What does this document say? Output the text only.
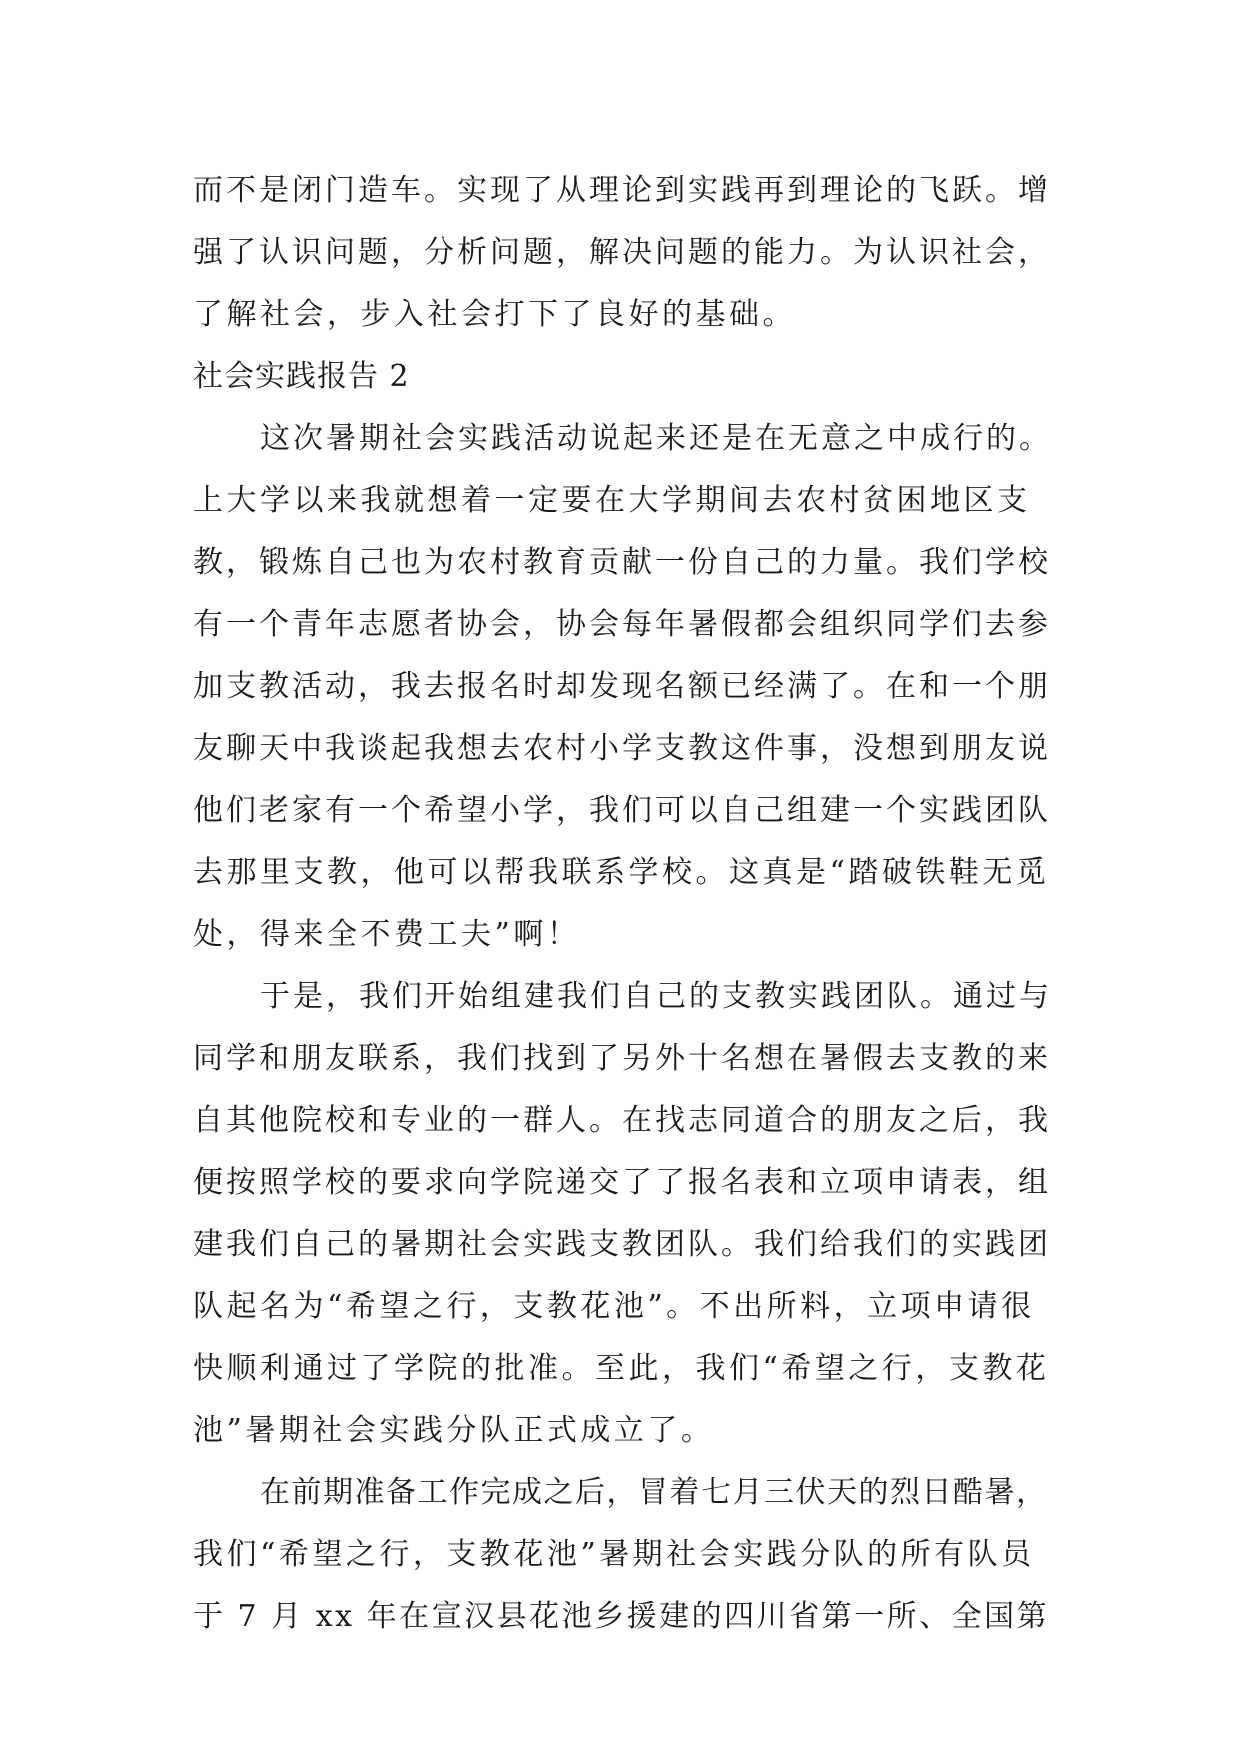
而不是闭门造车。实现了从理论到实践再到理论的飞跃。增
强了认识问题，分析问题，解决问题的能力。为认识社会，
了解社会，步入社会打下了良好的基础。
社会实践报告 2
这次暑期社会实践活动说起来还是在无意之中成行的。
上大学以来我就想着一定要在大学期间去农村贫困地区支
教，锻炼自己也为农村教育贡献一份自己的力量。我们学校
有一个青年志愿者协会，协会每年暑假都会组织同学们去参
加支教活动，我去报名时却发现名额已经满了。在和一个朋
友聊天中我谈起我想去农村小学支教这件事，没想到朋友说
他们老家有一个希望小学，我们可以自己组建一个实践团队
去那里支教，他可以帮我联系学校。这真是“踏破铁鞋无觅
处，得来全不费工夫”啊！
于是，我们开始组建我们自己的支教实践团队。通过与
同学和朋友联系，我们找到了另外十名想在暑假去支教的来
自其他院校和专业的一群人。在找志同道合的朋友之后，我
便按照学校的要求向学院递交了了报名表和立项申请表，组
建我们自己的暑期社会实践支教团队。我们给我们的实践团
队起名为“希望之行，支教花池”。不出所料，立项申请很
快顺利通过了学院的批准。至此，我们“希望之行，支教花
池”暑期社会实践分队正式成立了。
在前期准备工作完成之后，冒着七月三伏天的烈日酷暑，
我们“希望之行，支教花池”暑期社会实践分队的所有队员
于 7 月 xx 年在宣汉县花池乡援建的四川省第一所、全国第
